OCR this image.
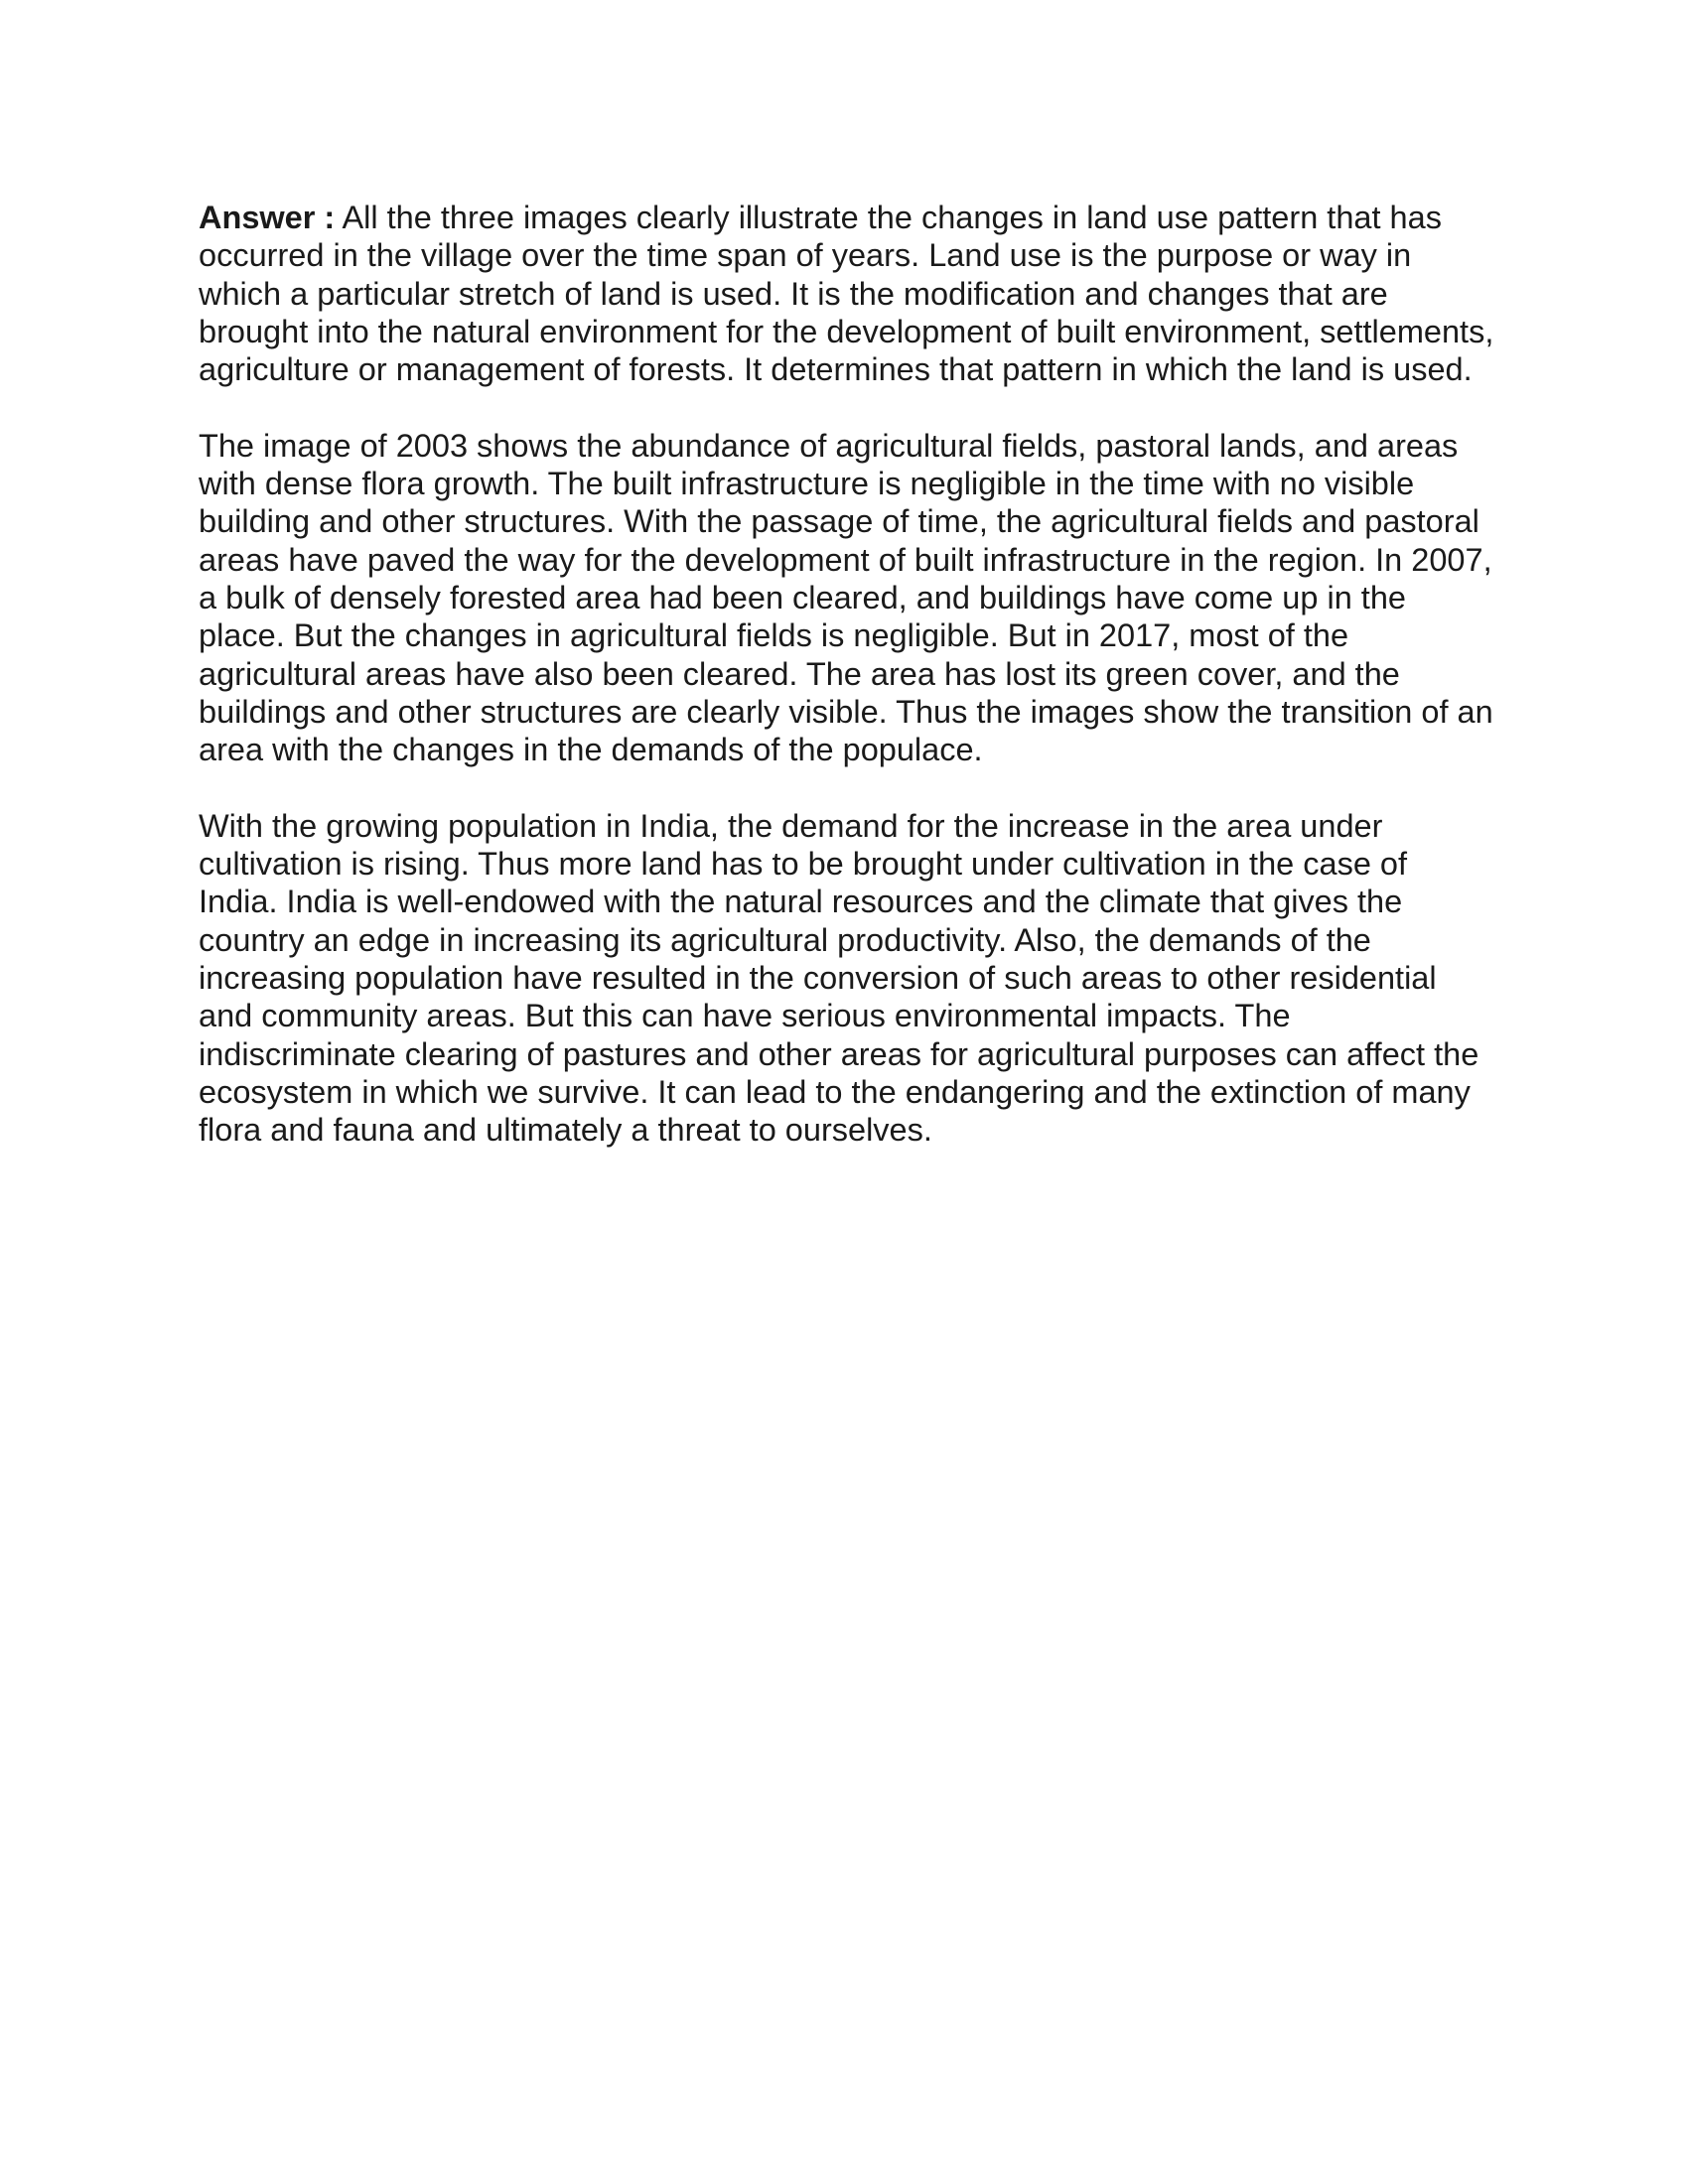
Answer : All the three images clearly illustrate the changes in land use pattern that has occurred in the village over the time span of years. Land use is the purpose or way in which a particular stretch of land is used. It is the modification and changes that are brought into the natural environment for the development of built environment, settlements, agriculture or management of forests. It determines that pattern in which the land is used.

The image of 2003 shows the abundance of agricultural fields, pastoral lands, and areas with dense flora growth. The built infrastructure is negligible in the time with no visible building and other structures. With the passage of time, the agricultural fields and pastoral areas have paved the way for the development of built infrastructure in the region. In 2007, a bulk of densely forested area had been cleared, and buildings have come up in the place. But the changes in agricultural fields is negligible. But in 2017, most of the agricultural areas have also been cleared. The area has lost its green cover, and the buildings and other structures are clearly visible. Thus the images show the transition of an area with the changes in the demands of the populace.

With the growing population in India, the demand for the increase in the area under cultivation is rising. Thus more land has to be brought under cultivation in the case of India. India is well-endowed with the natural resources and the climate that gives the country an edge in increasing its agricultural productivity. Also, the demands of the increasing population have resulted in the conversion of such areas to other residential and community areas. But this can have serious environmental impacts. The indiscriminate clearing of pastures and other areas for agricultural purposes can affect the ecosystem in which we survive. It can lead to the endangering and the extinction of many flora and fauna and ultimately a threat to ourselves.
